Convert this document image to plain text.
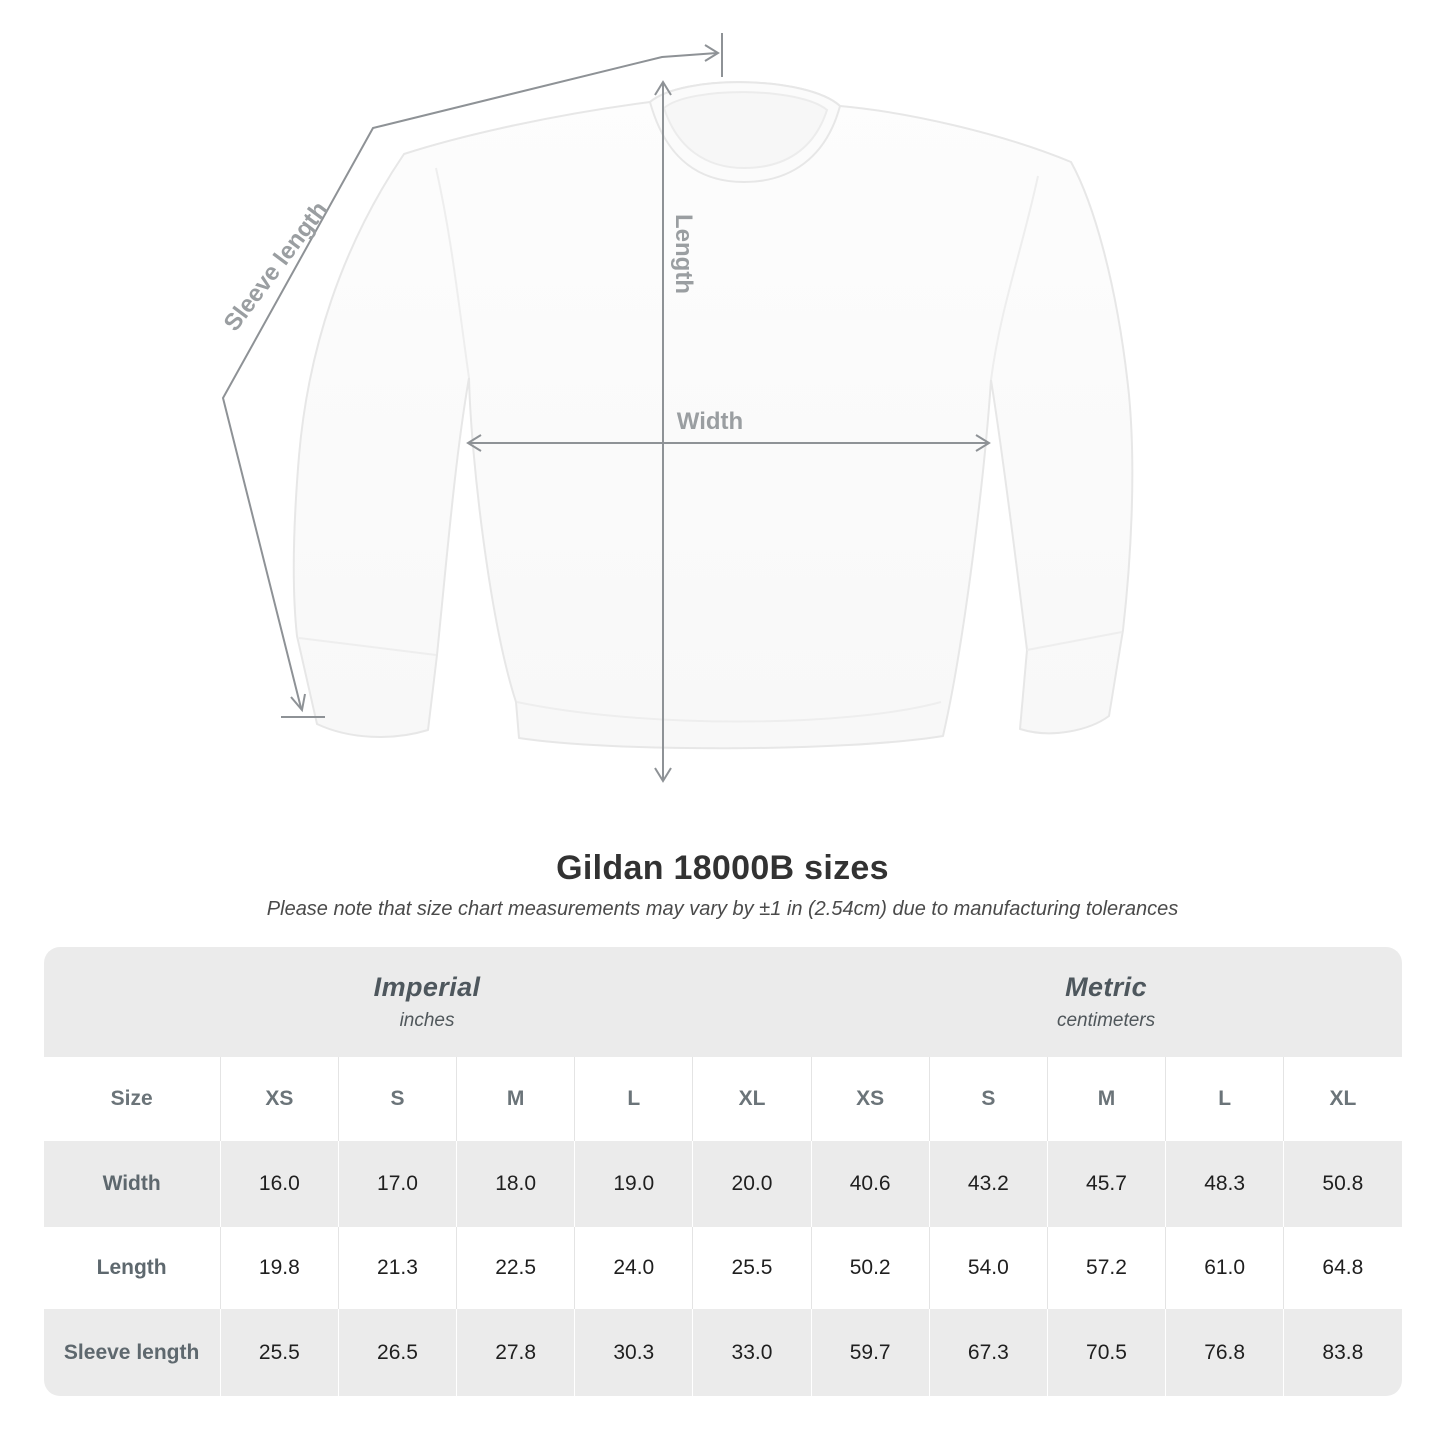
Sleeve length	Length
Width
Gildan 18000B sizes
Please note that size chart measurements may vary by ±1 in (2.54cm) due to manufacturing tolerances
Imperial
inches

Metric
centimeters

Size	XS	S	M	L	XL	XS	S	M	L	XL
Width	16.0	17.0	18.0	19.0	20.0	40.6	43.2	45.7	48.3	50.8
Length	19.8	21.3	22.5	24.0	25.5	50.2	54.0	57.2	61.0	64.8
Sleeve length	25.5	26.5	27.8	30.3	33.0	59.7	67.3	70.5	76.8	83.8
